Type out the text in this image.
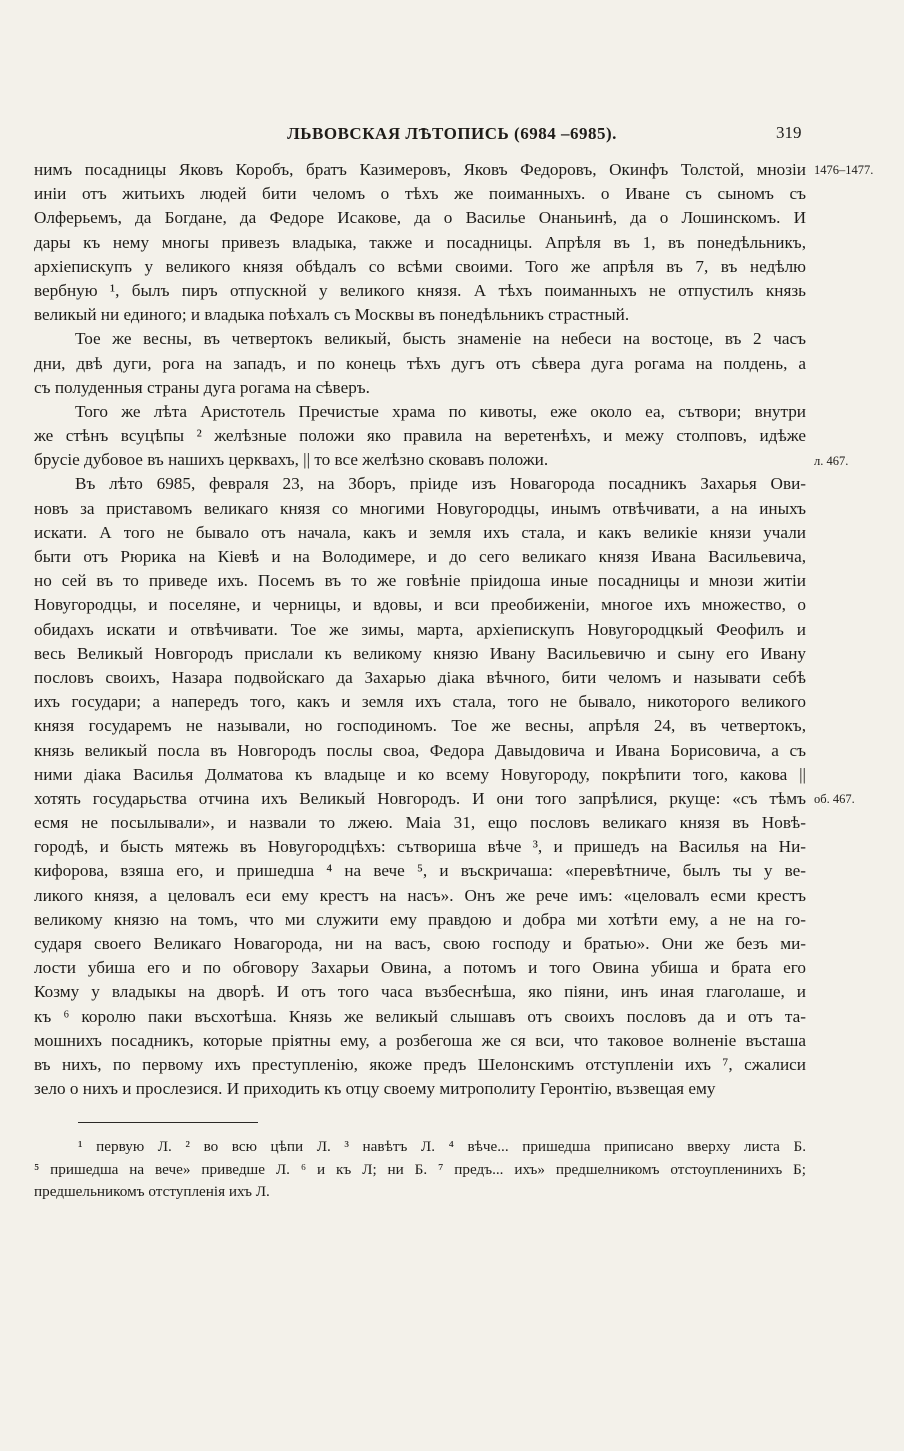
ЛЬВОВСКАЯ ЛѢТОПИСЬ (6984 –6985).	319
нимъ посадницы Яковъ Коробъ, братъ Казимеровъ, Яковъ Федоровъ, Окинфъ Толстой, мнозіи
иніи отъ житьихъ людей бити челомъ о тѣхъ же поиманныхъ. о Иване съ сыномъ съ
Олферьемъ, да Богдане, да Федоре Исакове, да о Василье Онаньинѣ, да о Лошинскомъ. И
дары къ нему многы привезъ владыка, также и посадницы. Апрѣля въ 1, въ понедѣльникъ,
архіепискупъ у великого князя обѣдалъ со всѣми своими. Того же апрѣля въ 7, въ недѣлю
вербную ¹, былъ пиръ отпускной у великого князя. А тѣхъ поиманныхъ не отпустилъ князь
великый ни единого; и владыка поѣхалъ съ Москвы въ понедѣльникъ страстный.
Тое же весны, въ четвертокъ великый, бысть знаменіе на небеси на востоце, въ 2 часъ
дни, двѣ дуги, рога на западъ, и по конець тѣхъ дугъ отъ сѣвера дуга рогама на полдень, а
съ полуденныя страны дуга рогама на сѣверъ.
Того же лѣта Аристотель Пречистые храма по кивоты, еже около еа, сътвори; внутри
же стѣнъ всуцѣпы ² желѣзные положи яко правила на веретенѣхъ, и межу столповъ, идѣже
брусіе дубовое въ нашихъ церквахъ, || то все желѣзно сковавъ положи.
Въ лѣто 6985, февраля 23, на Зборъ, пріиде изъ Новагорода посадникъ Захарья Ови-
новъ за приставомъ великаго князя со многими Новугородцы, инымъ отвѣчивати, а на иныхъ
искати. А того не бывало отъ начала, какъ и земля ихъ стала, и какъ великіе князи учали
быти отъ Рюрика на Кіевѣ и на Володимере, и до сего великаго князя Ивана Васильевича,
но сей въ то приведе ихъ. Посемъ въ то же говѣніе пріидоша иные посадницы и мнози житіи
Новугородцы, и поселяне, и черницы, и вдовы, и вси преобиженіи, многое ихъ множество, о
обидахъ искати и отвѣчивати. Тое же зимы, марта, архіепискупъ Новугородцкый Феофилъ и
весь Великый Новгородъ прислали къ великому князю Ивану Васильевичю и сыну его Ивану
пословъ своихъ, Назара подвойскаго да Захарью діака вѣчного, бити челомъ и называти себѣ
ихъ государи; а напередъ того, какъ и земля ихъ стала, того не бывало, никоторого великого
князя государемъ не называли, но господиномъ. Тое же весны, апрѣля 24, въ четвертокъ,
князь великый посла въ Новгородъ послы своа, Федора Давыдовича и Ивана Борисовича, а съ
ними діака Василья Долматова къ владыце и ко всему Новугороду, покрѣпити того, какова ||
хотять государьства отчина ихъ Великый Новгородъ. И они того запрѣлися, ркуще: «съ тѣмъ
есмя не посылывали», и назвали то лжею. Маіа 31, ещо пословъ великаго князя въ Новѣ-
городѣ, и бысть мятежь въ Новугородцѣхъ: сътвориша вѣче ³, и пришедъ на Василья на Ни-
кифорова, взяша его, и пришедша ⁴ на вече ⁵, и въскричаша: «перевѣтниче, былъ ты у ве-
ликого князя, а целовалъ еси ему крестъ на насъ». Онъ же рече имъ: «целовалъ есми крестъ
великому князю на томъ, что ми служити ему правдою и добра ми хотѣти ему, а не на го-
сударя своего Великаго Новагорода, ни на васъ, свою господу и братью». Они же безъ ми-
лости убиша его и по обговору Захарьи Овина, а потомъ и того Овина убиша и брата его
Козму у владыкы на дворѣ. И отъ того часа възбеснѣша, яко піяни, инъ иная глаголаше, и
къ ⁶ королю паки въсхотѣша. Князь же великый слышавъ отъ своихъ пословъ да и отъ та-
мошнихъ посадникъ, которые пріятны ему, а розбегоша же ся вси, что таковое волненіе въсташа
въ нихъ, по первому ихъ преступленію, якоже предъ Шелонскимъ отступленіи ихъ ⁷, сжалиси
зело о нихъ и прослезися. И приходить къ отцу своему митрополиту Геронтію, възвещая ему
1476–1477.
л. 467.
об. 467.
¹ первую Л. ² во всю цѣпи Л. ³ навѣтъ Л. ⁴ вѣче... пришедша приписано вверху листа Б.
⁵ пришедша на вече» приведше Л. ⁶ и къ Л; ни Б. ⁷ предъ... ихъ» предшелникомъ отстоупленинихъ Б;
предшельникомъ отступленія ихъ Л.
